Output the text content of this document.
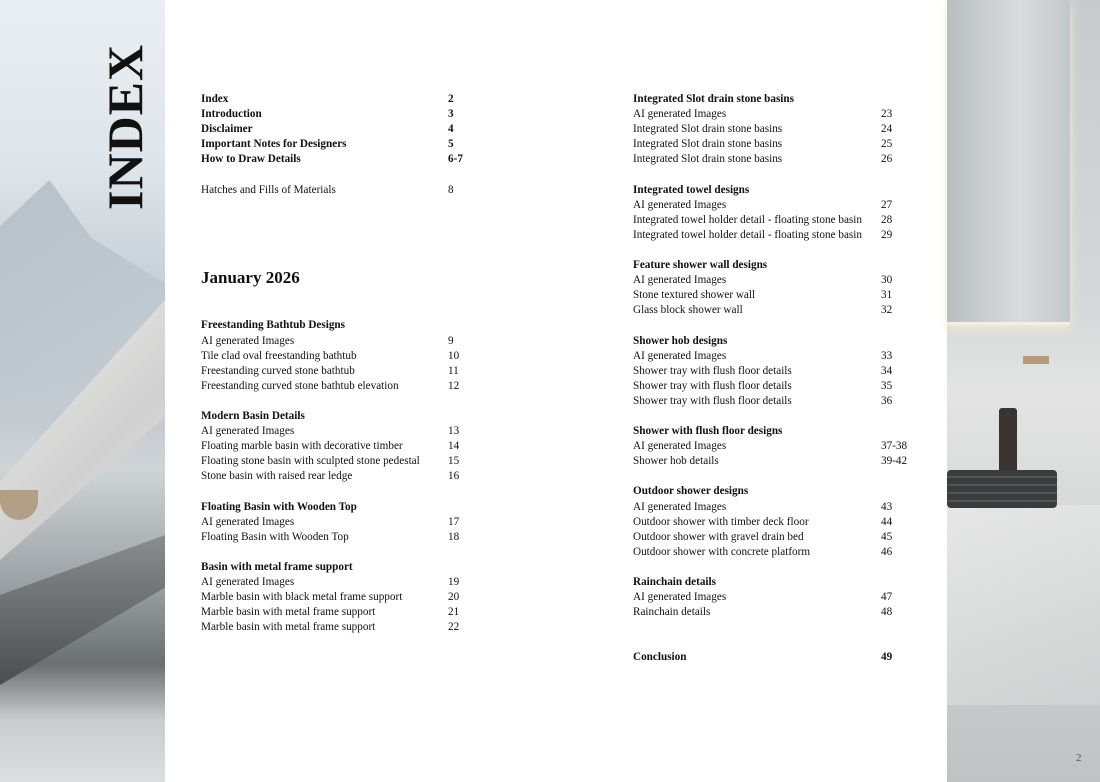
INDEX
2
January 2026
Index	2
Introduction	3
Disclaimer	4
Important Notes for Designers	5
How to Draw Details	6-7
Hatches and Fills of Materials	8
Freestanding Bathtub Designs
AI generated Images	9
Tile clad oval freestanding bathtub	10
Freestanding curved stone bathtub	11
Freestanding curved stone bathtub elevation	12
Modern Basin Details
AI generated Images	13
Floating marble basin with decorative timber	14
Floating stone basin with sculpted stone pedestal	15
Stone basin with raised rear ledge	16
Floating Basin with Wooden Top
AI generated Images	17
Floating Basin with Wooden Top	18
Basin with metal frame support
AI generated Images	19
Marble basin with black metal frame support	20
Marble basin with metal frame support	21
Marble basin with metal frame support	22
Integrated Slot drain stone basins
AI generated Images	23
Integrated Slot drain stone basins	24
Integrated Slot drain stone basins	25
Integrated Slot drain stone basins	26
Integrated towel designs
AI generated Images	27
Integrated towel holder detail - floating stone basin 28
Integrated towel holder detail - floating stone basin 29
Feature shower wall designs
AI generated Images	30
Stone textured shower wall	31
Glass block shower wall	32
Shower hob designs
AI generated Images	33
Shower tray with flush floor details	34
Shower tray with flush floor details	35
Shower tray with flush floor details	36
Shower with flush floor designs
AI generated Images	37-38
Shower hob details	39-42
Outdoor shower designs
AI generated Images	43
Outdoor shower with timber deck floor	44
Outdoor shower with gravel drain bed	45
Outdoor shower with concrete platform	46
Rainchain details
AI generated Images	47
Rainchain details	48
Conclusion	49
